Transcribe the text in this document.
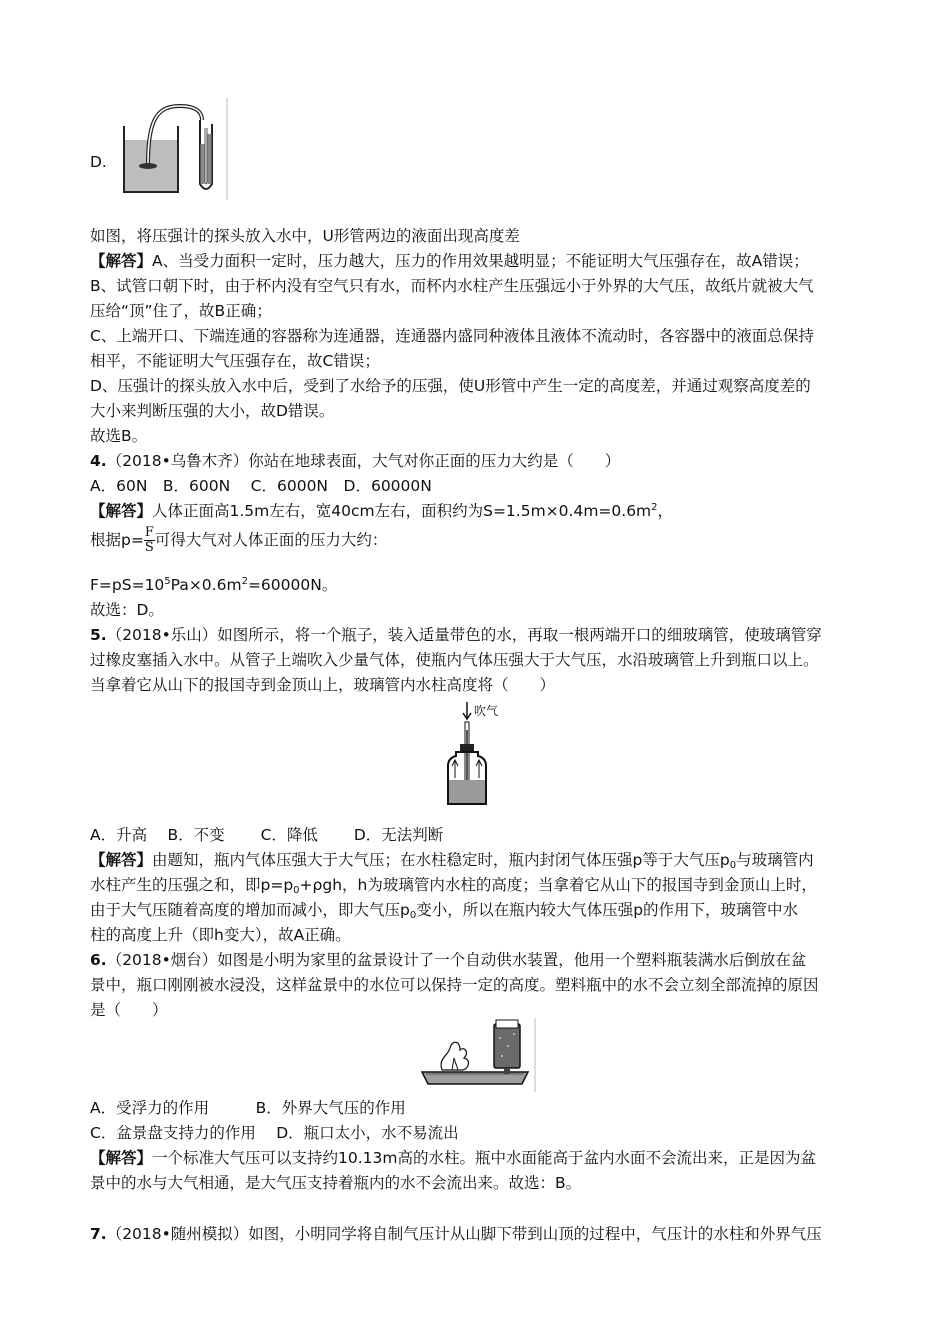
D.
如图，将压强计的探头放入水中，U形管两边的液面出现高度差
【解答】A、当受力面积一定时，压力越大，压力的作用效果越明显；不能证明大气压强存在，故A错误；
B、试管口朝下时，由于杯内没有空气只有水，而杯内水柱产生压强远小于外界的大气压，故纸片就被大气
压给“顶”住了，故B正确；
C、上端开口、下端连通的容器称为连通器，连通器内盛同种液体且液体不流动时，各容器中的液面总保持
相平，不能证明大气压强存在，故C错误；
D、压强计的探头放入水中后，受到了水给予的压强，使U形管中产生一定的高度差，并通过观察高度差的
大小来判断压强的大小，故D错误。
故选B。
4.（2018•乌鲁木齐）你站在地球表面，大气对你正面的压力大约是（　　）
A．60N　B．600N　 C．6000N　D．60000N
【解答】人体正面高1.5m左右，宽40cm左右，面积约为$S=1.5m\times 0.4m=0.6m^2$，
根据$p= \frac{F}{S}$ 可得大气对人体正面的压力大约：
$F=pS=10^5Pa\times 0.6m^2=60000N$。
故选：D。
5.（2018•乐山）如图所示，将一个瓶子，装入适量带色的水，再取一根两端开口的细玻璃管，使玻璃管穿
过橡皮塞插入水中。从管子上端吹入少量气体，使瓶内气体压强大于大气压，水沿玻璃管上升到瓶口以上。
当拿着它从山下的报国寺到金顶山上，玻璃管内水柱高度将（　　）
吹气
A．升高　 B．不变　　 C．降低　　 D．无法判断
【解答】由题知，瓶内气体压强大于大气压；在水柱稳定时，瓶内封闭气体压强p等于大气压$p_0$与玻璃管内
水柱产生的压强之和，即$p=p_0+\rho gh$，h为玻璃管内水柱的高度；当拿着它从山下的报国寺到金顶山上时，
由于大气压随着高度的增加而减小，即大气压$p_0$变小，所以在瓶内较大气体压强p的作用下，玻璃管中水
柱的高度上升（即h变大），故A正确。
6.（2018•烟台）如图是小明为家里的盆景设计了一个自动供水装置，他用一个塑料瓶装满水后倒放在盆
景中，瓶口刚刚被水浸没，这样盆景中的水位可以保持一定的高度。塑料瓶中的水不会立刻全部流掉的原因
是（　　）
A．受浮力的作用　　　B．外界大气压的作用
C．盆景盘支持力的作用　 D．瓶口太小，水不易流出
【解答】一个标准大气压可以支持约10.13m高的水柱。瓶中水面能高于盆内水面不会流出来，正是因为盆
景中的水与大气相通，是大气压支持着瓶内的水不会流出来。故选：B。
7.（2018•随州模拟）如图，小明同学将自制气压计从山脚下带到山顶的过程中，气压计的水柱和外界气压
